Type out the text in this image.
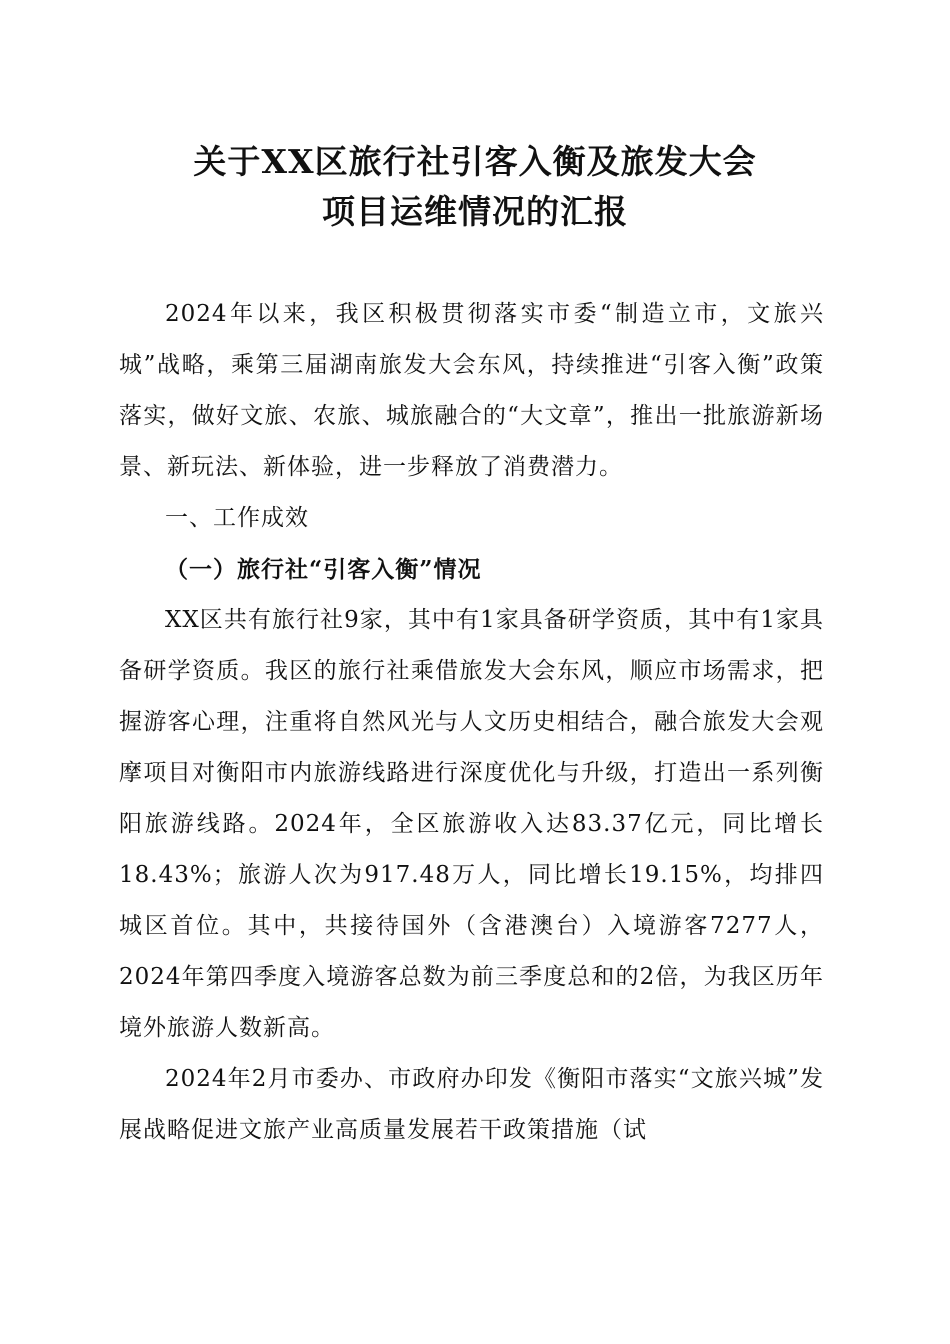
关于XX区旅行社引客入衡及旅发大会
项目运维情况的汇报

2024年以来，我区积极贯彻落实市委“制造立市，文旅兴城”战略，乘第三届湖南旅发大会东风，持续推进“引客入衡”政策落实，做好文旅、农旅、城旅融合的“大文章”，推出一批旅游新场景、新玩法、新体验，进一步释放了消费潜力。

一、工作成效

（一）旅行社“引客入衡”情况

XX区共有旅行社9家，其中有1家具备研学资质，其中有1家具备研学资质。我区的旅行社乘借旅发大会东风，顺应市场需求，把握游客心理，注重将自然风光与人文历史相结合，融合旅发大会观摩项目对衡阳市内旅游线路进行深度优化与升级，打造出一系列衡阳旅游线路。2024年，全区旅游收入达83.37亿元，同比增长18.43%；旅游人次为917.48万人，同比增长19.15%，均排四城区首位。其中，共接待国外（含港澳台）入境游客7277人，2024年第四季度入境游客总数为前三季度总和的2倍，为我区历年境外旅游人数新高。

2024年2月市委办、市政府办印发《衡阳市落实“文旅兴城”发展战略促进文旅产业高质量发展若干政策措施（试
